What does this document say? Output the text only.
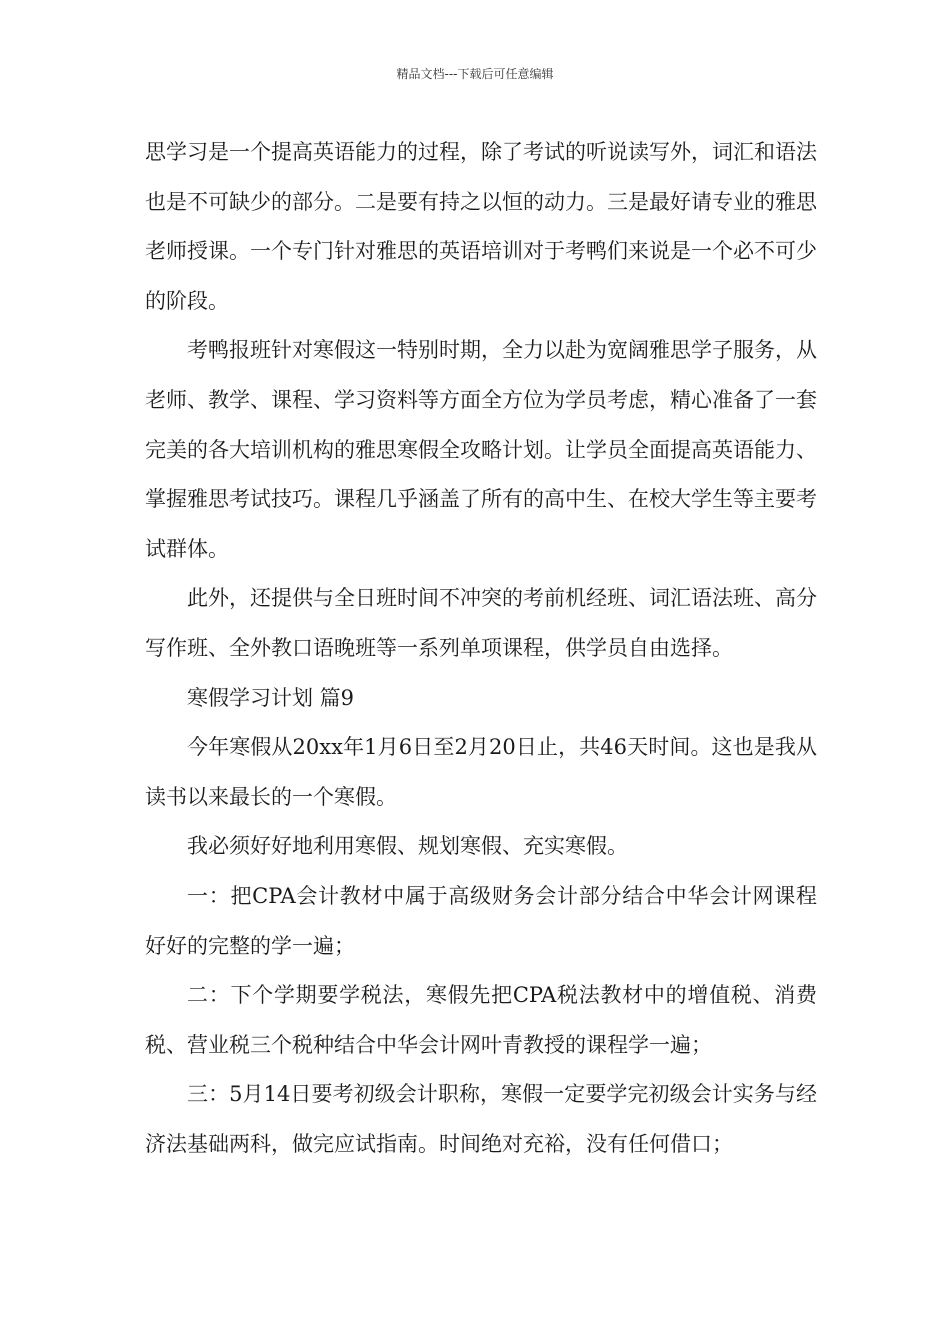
精品文档---下载后可任意编辑

思学习是一个提高英语能力的过程，除了考试的听说读写外，词汇和语法也是不可缺少的部分。二是要有持之以恒的动力。三是最好请专业的雅思老师授课。一个专门针对雅思的英语培训对于考鸭们来说是一个必不可少的阶段。

考鸭报班针对寒假这一特别时期，全力以赴为宽阔雅思学子服务，从老师、教学、课程、学习资料等方面全方位为学员考虑，精心准备了一套完美的各大培训机构的雅思寒假全攻略计划。让学员全面提高英语能力、掌握雅思考试技巧。课程几乎涵盖了所有的高中生、在校大学生等主要考试群体。

此外，还提供与全日班时间不冲突的考前机经班、词汇语法班、高分写作班、全外教口语晚班等一系列单项课程，供学员自由选择。

寒假学习计划 篇9

今年寒假从20xx年1月6日至2月20日止，共46天时间。这也是我从读书以来最长的一个寒假。

我必须好好地利用寒假、规划寒假、充实寒假。

一：把CPA会计教材中属于高级财务会计部分结合中华会计网课程好好的完整的学一遍；

二：下个学期要学税法，寒假先把CPA税法教材中的增值税、消费税、营业税三个税种结合中华会计网叶青教授的课程学一遍；

三：5月14日要考初级会计职称，寒假一定要学完初级会计实务与经济法基础两科，做完应试指南。时间绝对充裕，没有任何借口；
